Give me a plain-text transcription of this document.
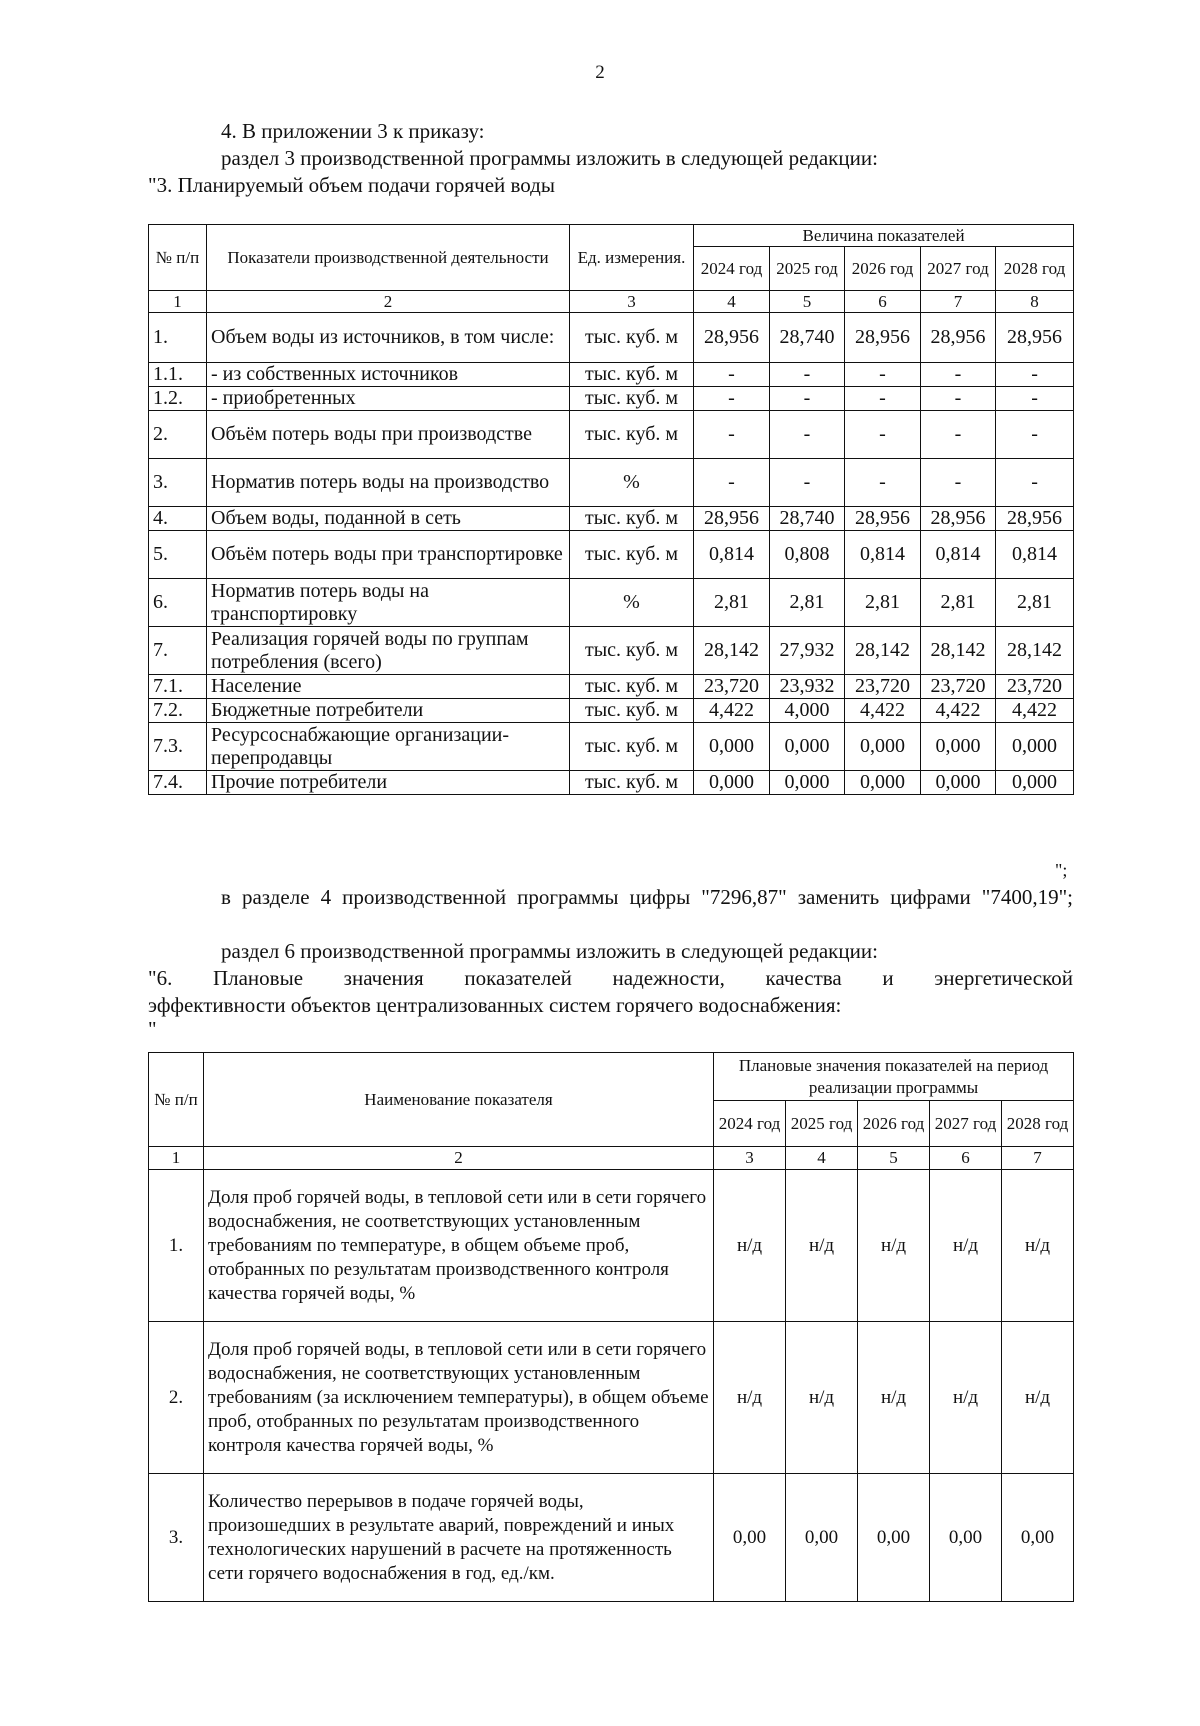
2
4. В приложении 3 к приказу:
раздел 3 производственной программы изложить в следующей редакции:
"3. Планируемый объем подачи горячей воды
№ п/п	Показатели производственной деятельности	Ед. измерения.	Величина показателей				
			2024 год	2025 год	2026 год	2027 год	2028 год
1	2	3	4	5	6	7	8
1.	Объем воды из источников, в том числе:	тыс. куб. м	28,956	28,740	28,956	28,956	28,956
1.1.	- из собственных источников	тыс. куб. м	-	-	-	-	-
1.2.	- приобретенных	тыс. куб. м	-	-	-	-	-
2.	Объём потерь воды при производстве	тыс. куб. м	-	-	-	-	-
3.	Норматив потерь воды на производство	%	-	-	-	-	-
4.	Объем воды, поданной в сеть	тыс. куб. м	28,956	28,740	28,956	28,956	28,956
5.	Объём потерь воды при транспортировке	тыс. куб. м	0,814	0,808	0,814	0,814	0,814
6.	Норматив потерь воды на транспортировку	%	2,81	2,81	2,81	2,81	2,81
7.	Реализация горячей воды по группам потребления (всего)	тыс. куб. м	28,142	27,932	28,142	28,142	28,142
7.1.	Население	тыс. куб. м	23,720	23,932	23,720	23,720	23,720
7.2.	Бюджетные потребители	тыс. куб. м	4,422	4,000	4,422	4,422	4,422
7.3.	Ресурсоснабжающие организации-перепродавцы	тыс. куб. м	0,000	0,000	0,000	0,000	0,000
7.4.	Прочие потребители	тыс. куб. м	0,000	0,000	0,000	0,000	0,000
";
в разделе 4 производственной программы цифры "7296,87" заменить цифрами "7400,19";
раздел 6 производственной программы изложить в следующей редакции:
"6. Плановые значения показателей надежности, качества и энергетической
эффективности объектов централизованных систем горячего водоснабжения:
"
№ п/п	Наименование показателя	Плановые значения показателей на период реализации программы				
		2024 год	2025 год	2026 год	2027 год	2028 год
1	2	3	4	5	6	7
1.	Доля проб горячей воды, в тепловой сети или в сети горячего водоснабжения, не соответствующих установленным требованиям по температуре, в общем объеме проб, отобранных по результатам производственного контроля качества горячей воды, %	н/д	н/д	н/д	н/д	н/д
2.	Доля проб горячей воды, в тепловой сети или в сети горячего водоснабжения, не соответствующих установленным требованиям (за исключением температуры), в общем объеме проб, отобранных по результатам производственного контроля качества горячей воды, %	н/д	н/д	н/д	н/д	н/д
3.	Количество перерывов в подаче горячей воды, произошедших в результате аварий, повреждений и иных технологических нарушений в расчете на протяженность сети горячего водоснабжения в год, ед./км.	0,00	0,00	0,00	0,00	0,00
